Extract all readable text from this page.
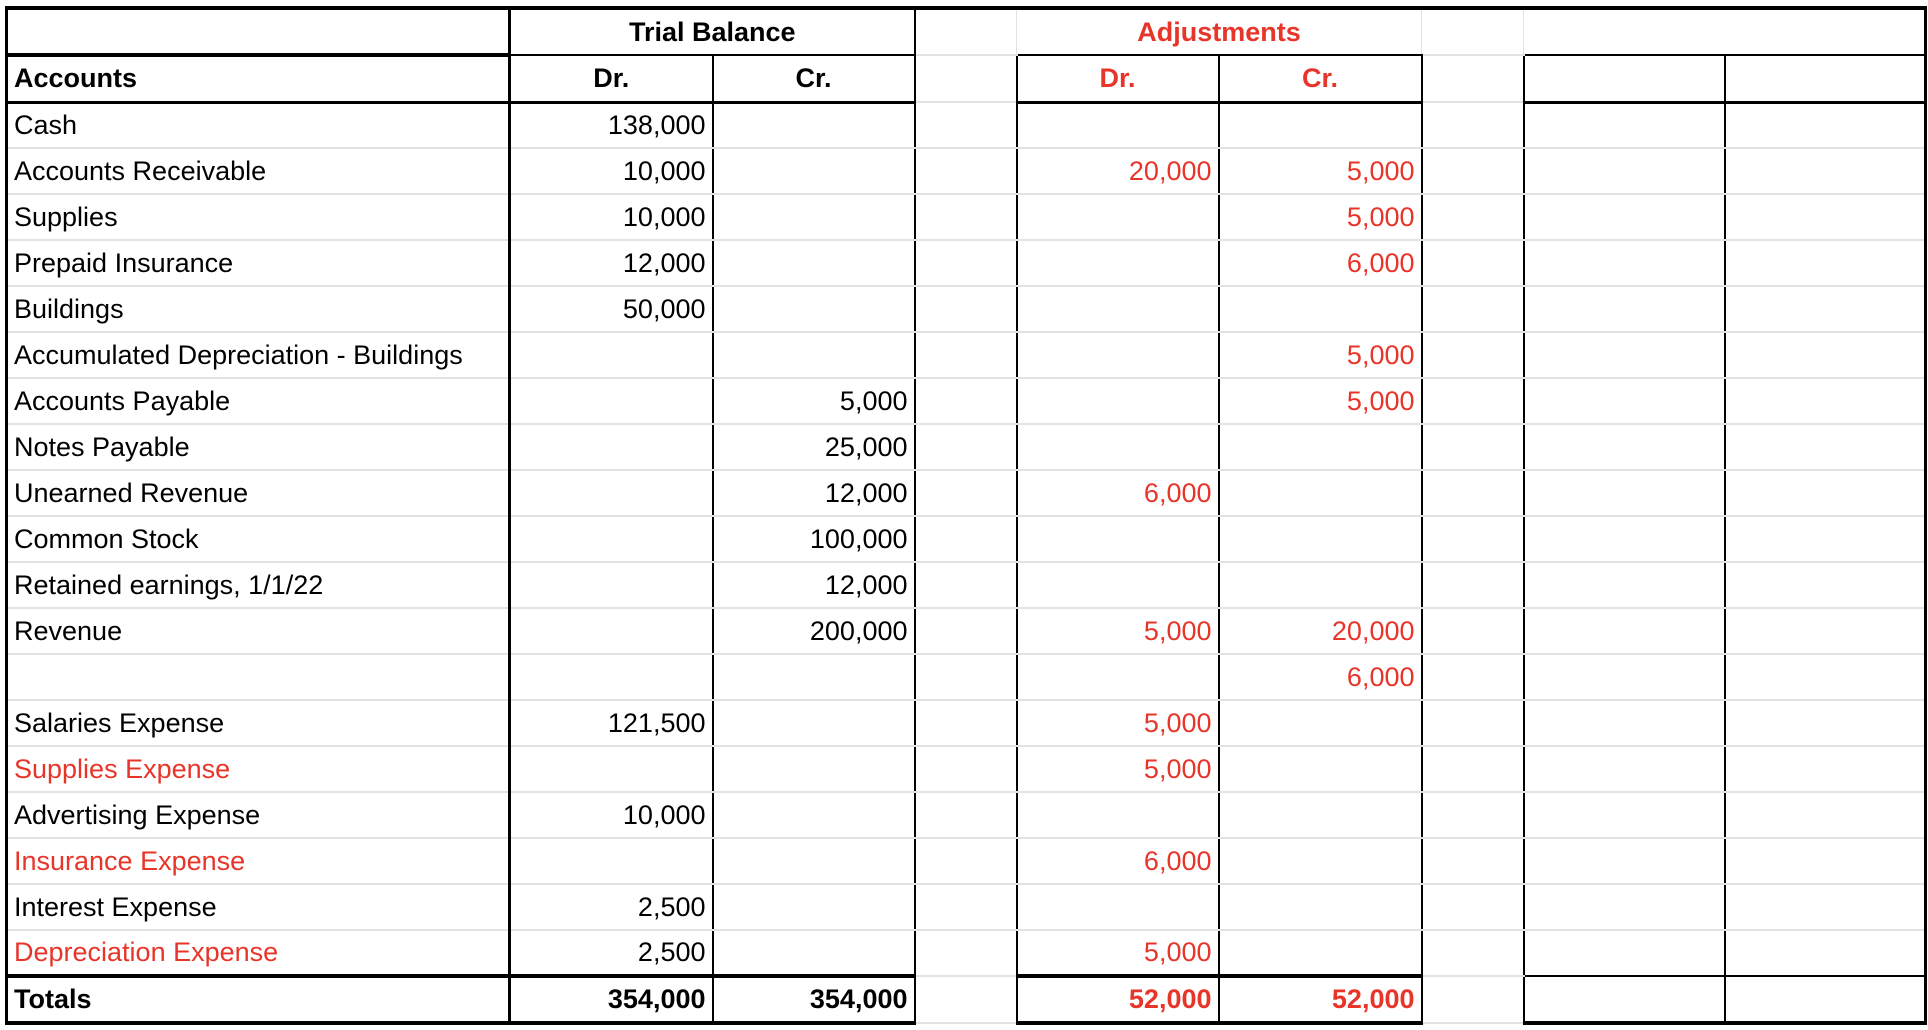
	Trial Balance			Adjustments				
Accounts	Dr.	Cr.		Dr.	Cr.			
Cash	138,000							
Accounts Receivable	10,000			20,000	5,000			
Supplies	10,000				5,000			
Prepaid Insurance	12,000				6,000			
Buildings	50,000							
Accumulated Depreciation - Buildings					5,000			
Accounts Payable		5,000			5,000			
Notes Payable		25,000						
Unearned Revenue		12,000		6,000				
Common Stock		100,000						
Retained earnings, 1/1/22		12,000						
Revenue		200,000		5,000	20,000			
					6,000			
Salaries Expense	121,500			5,000				
Supplies Expense				5,000				
Advertising Expense	10,000							
Insurance Expense				6,000				
Interest Expense	2,500							
Depreciation Expense	2,500			5,000				
Totals	354,000	354,000		52,000	52,000			
